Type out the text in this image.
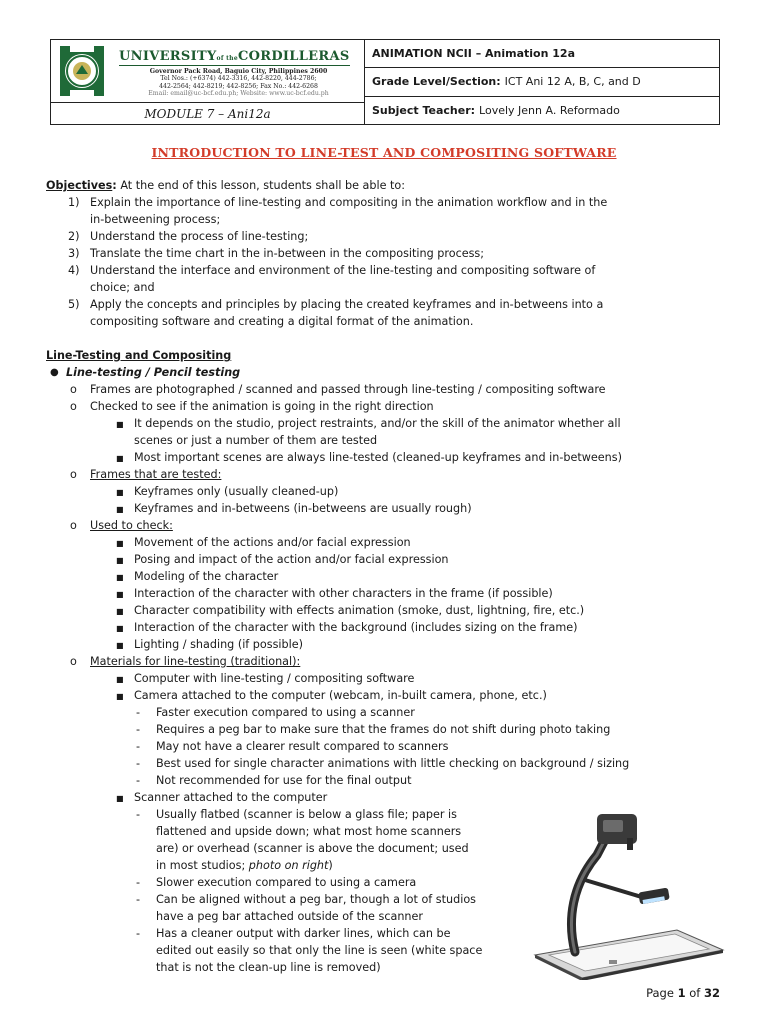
UNIVERSITYof theCORDILLERAS
Governor Pack Road, Baguio City, Philippines 2600
Tel Nos.: (+6374) 442-3316, 442-8220, 444-2786;
442-2564; 442-8219; 442-8256; Fax No.: 442-6268
Email: email@uc-bcf.edu.ph; Website: www.uc-bcf.edu.ph
MODULE 7 – Ani12a
ANIMATION NCII – Animation 12a
Grade Level/Section: ICT Ani 12 A, B, C, and D
Subject Teacher: Lovely Jenn A. Reformado
INTRODUCTION TO LINE-TEST AND COMPOSITING SOFTWARE
Objectives: At the end of this lesson, students shall be able to:
1) Explain the importance of line-testing and compositing in the animation workflow and in the
in-betweening process;
2) Understand the process of line-testing;
3) Translate the time chart in the in-between in the compositing process;
4) Understand the interface and environment of the line-testing and compositing software of
choice; and
5) Apply the concepts and principles by placing the created keyframes and in-betweens into a
compositing software and creating a digital format of the animation.
Line-Testing and Compositing
● Line-testing / Pencil testing
o Frames are photographed / scanned and passed through line-testing / compositing software
o Checked to see if the animation is going in the right direction
■ It depends on the studio, project restraints, and/or the skill of the animator whether all
scenes or just a number of them are tested
■ Most important scenes are always line-tested (cleaned-up keyframes and in-betweens)
o Frames that are tested:
■ Keyframes only (usually cleaned-up)
■ Keyframes and in-betweens (in-betweens are usually rough)
o Used to check:
■ Movement of the actions and/or facial expression
■ Posing and impact of the action and/or facial expression
■ Modeling of the character
■ Interaction of the character with other characters in the frame (if possible)
■ Character compatibility with effects animation (smoke, dust, lightning, fire, etc.)
■ Interaction of the character with the background (includes sizing on the frame)
■ Lighting / shading (if possible)
o Materials for line-testing (traditional):
■ Computer with line-testing / compositing software
■ Camera attached to the computer (webcam, in-built camera, phone, etc.)
- Faster execution compared to using a scanner
- Requires a peg bar to make sure that the frames do not shift during photo taking
- May not have a clearer result compared to scanners
- Best used for single character animations with little checking on background / sizing
- Not recommended for use for the final output
■ Scanner attached to the computer
- Usually flatbed (scanner is below a glass file; paper is
flattened and upside down; what most home scanners
are) or overhead (scanner is above the document; used
in most studios; photo on right)
- Slower execution compared to using a camera
- Can be aligned without a peg bar, though a lot of studios
have a peg bar attached outside of the scanner
- Has a cleaner output with darker lines, which can be
edited out easily so that only the line is seen (white space
that is not the clean-up line is removed)
Page 1 of 32
